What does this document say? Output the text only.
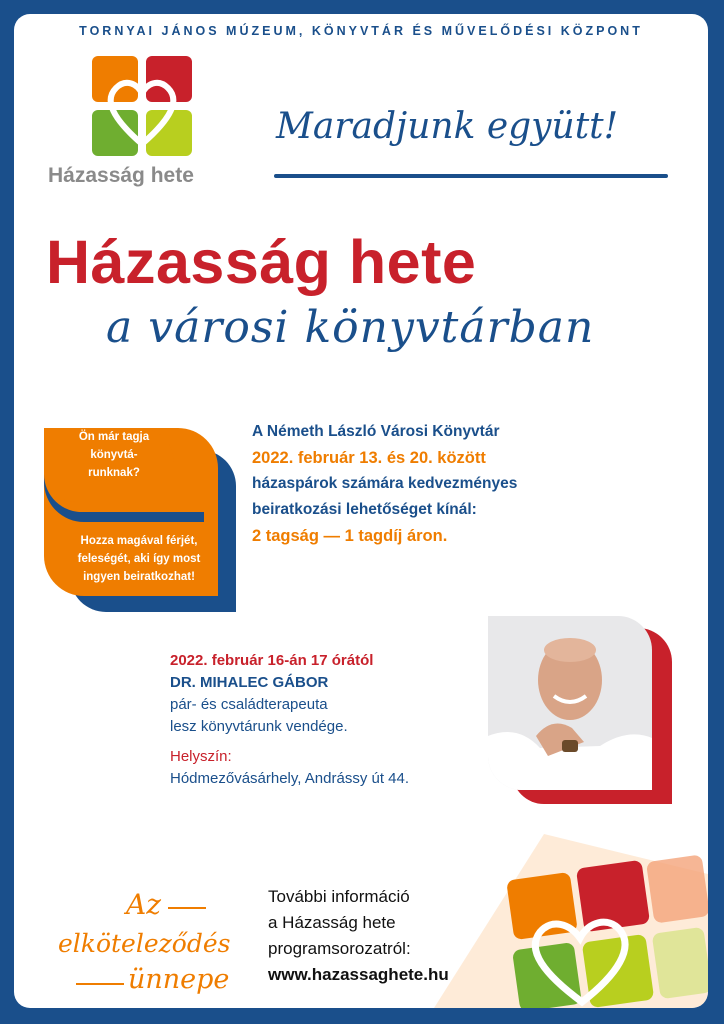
TORNYAI JÁNOS MÚZEUM, KÖNYVTÁR ÉS MŰVELŐDÉSI KÖZPONT
Házasság hete
Maradjunk együtt!
Házasság hete
a városi könyvtárban
Ön már tagja
könyvtá-
runknak?
Hozza magával férjét,
feleségét, aki így most
ingyen beiratkozhat!
A Németh László Városi Könyvtár
2022. február 13. és 20. között
házaspárok számára kedvezményes
beiratkozási lehetőséget kínál:
2 tagság — 1 tagdíj áron.
2022. február 16-án 17 órától
DR. MIHALEC GÁBOR
pár- és családterapeuta
lesz könyvtárunk vendége.
Helyszín:
Hódmezővásárhely, Andrássy út 44.
Az
elköteleződés
ünnepe
További információ
a Házasság hete
programsorozatról:
www.hazassaghete.hu
